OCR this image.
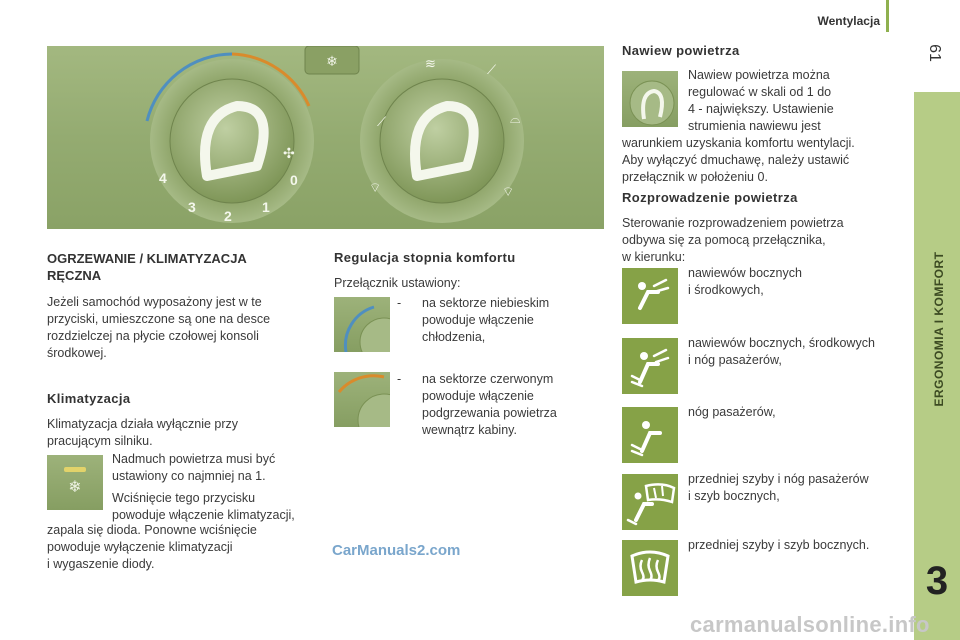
Wentylacja
61
ERGONOMIA I KOMFORT
3
❄
4
3
2
1
0
✣
⟋
≋	⟋
⌓
⌔	⌔
OGRZEWANIE / KLIMATYZACJA
RĘCZNA
Jeżeli samochód wyposażony jest w te
przyciski, umieszczone są one na desce
rozdzielczej na płycie czołowej konsoli
środkowej.
Klimatyzacja
Klimatyzacja działa wyłącznie przy
pracującym silniku.
❄
Nadmuch powietrza musi być
ustawiony co najmniej na 1.
Wciśnięcie tego przycisku
powoduje włączenie klimatyzacji,
zapala się dioda. Ponowne wciśnięcie
powoduje wyłączenie klimatyzacji
i wygaszenie diody.
Regulacja stopnia komfortu
Przełącznik ustawiony:
- na sektorze niebieskim
powoduje włączenie
chłodzenia,
- na sektorze czerwonym
powoduje włączenie
podgrzewania powietrza
wewnątrz kabiny.
Nawiew powietrza
Nawiew powietrza można
regulować w skali od 1 do
4 - największy. Ustawienie
strumienia nawiewu jest
warunkiem uzyskania komfortu wentylacji.
Aby wyłączyć dmuchawę, należy ustawić
przełącznik w położeniu 0.
Rozprowadzenie powietrza
Sterowanie rozprowadzeniem powietrza
odbywa się za pomocą przełącznika,
w kierunku:
nawiewów bocznych
i środkowych,
nawiewów bocznych, środkowych
i nóg pasażerów,
nóg pasażerów,
przedniej szyby i nóg pasażerów
i szyb bocznych,
przedniej szyby i szyb bocznych.
CarManuals2.com
carmanualsonline.info
